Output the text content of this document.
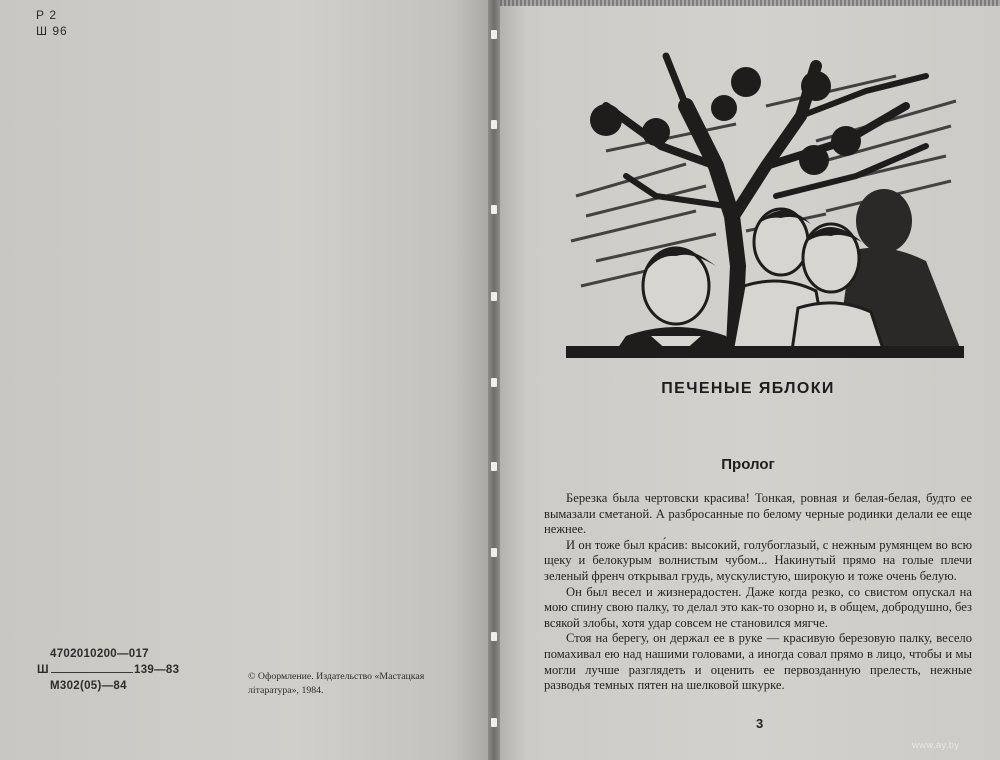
Р 2
Ш 96
4702010200—017
Ш	139—83
М302(05)—84
© Оформление. Издательство «Мастацкая літаратура», 1984.
ПЕЧЕНЫЕ ЯБЛОКИ
Пролог

Березка была чертовски красива! Тонкая, ровная и белая-белая, будто ее вымазали сметаной. А разбросанные по белому черные родинки делали ее еще нежнее.

И он тоже был кра́сив: высокий, голубоглазый, с нежным румянцем во всю щеку и белокурым волнистым чубом... Накинутый прямо на голые плечи зеленый френч открывал грудь, мускулистую, широкую и тоже очень белую.

Он был весел и жизнерадостен. Даже когда резко, со свистом опускал на мою спину свою палку, то делал это как-то озорно и, в общем, добродушно, без всякой злобы, хотя удар совсем не становился мягче.

Стоя на берегу, он держал ее в руке — красивую березовую палку, весело помахивал ею над нашими головами, а иногда совал прямо в лицо, чтобы и мы могли лучше разглядеть и оценить ее первозданную прелесть, нежные разводья темных пятен на шелковой шкурке.

3
www.ay.by
